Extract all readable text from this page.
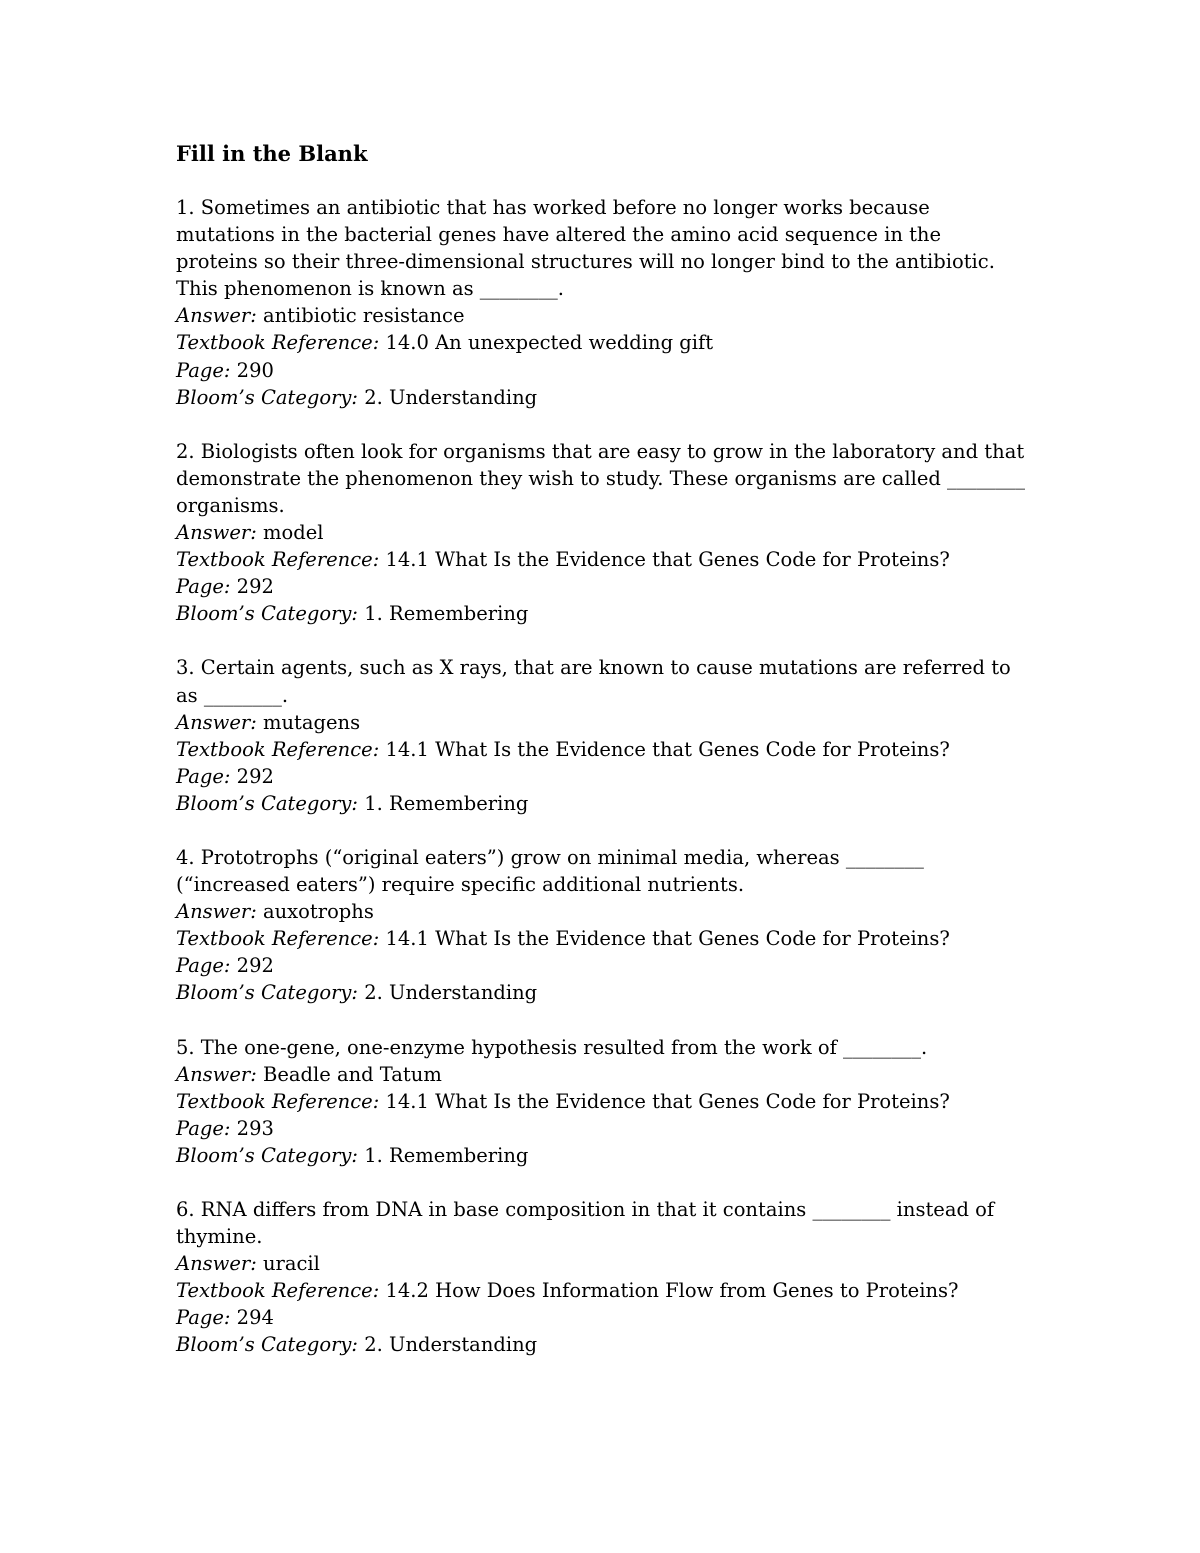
Fill in the Blank
1. Sometimes an antibiotic that has worked before no longer works because mutations in the bacterial genes have altered the amino acid sequence in the proteins so their three-dimensional structures will no longer bind to the antibiotic. This phenomenon is known as ________.
Answer: antibiotic resistance
Textbook Reference: 14.0 An unexpected wedding gift
Page: 290
Bloom’s Category: 2. Understanding
2. Biologists often look for organisms that are easy to grow in the laboratory and that demonstrate the phenomenon they wish to study. These organisms are called ________ organisms.
Answer: model
Textbook Reference: 14.1 What Is the Evidence that Genes Code for Proteins?
Page: 292
Bloom’s Category: 1. Remembering
3. Certain agents, such as X rays, that are known to cause mutations are referred to as ________.
Answer: mutagens
Textbook Reference: 14.1 What Is the Evidence that Genes Code for Proteins?
Page: 292
Bloom’s Category: 1. Remembering
4. Prototrophs (“original eaters”) grow on minimal media, whereas ________ (“increased eaters”) require specific additional nutrients.
Answer: auxotrophs
Textbook Reference: 14.1 What Is the Evidence that Genes Code for Proteins?
Page: 292
Bloom’s Category: 2. Understanding
5. The one-gene, one-enzyme hypothesis resulted from the work of ________.
Answer: Beadle and Tatum
Textbook Reference: 14.1 What Is the Evidence that Genes Code for Proteins?
Page: 293
Bloom’s Category: 1. Remembering
6. RNA differs from DNA in base composition in that it contains ________ instead of thymine.
Answer: uracil
Textbook Reference: 14.2 How Does Information Flow from Genes to Proteins?
Page: 294
Bloom’s Category: 2. Understanding
